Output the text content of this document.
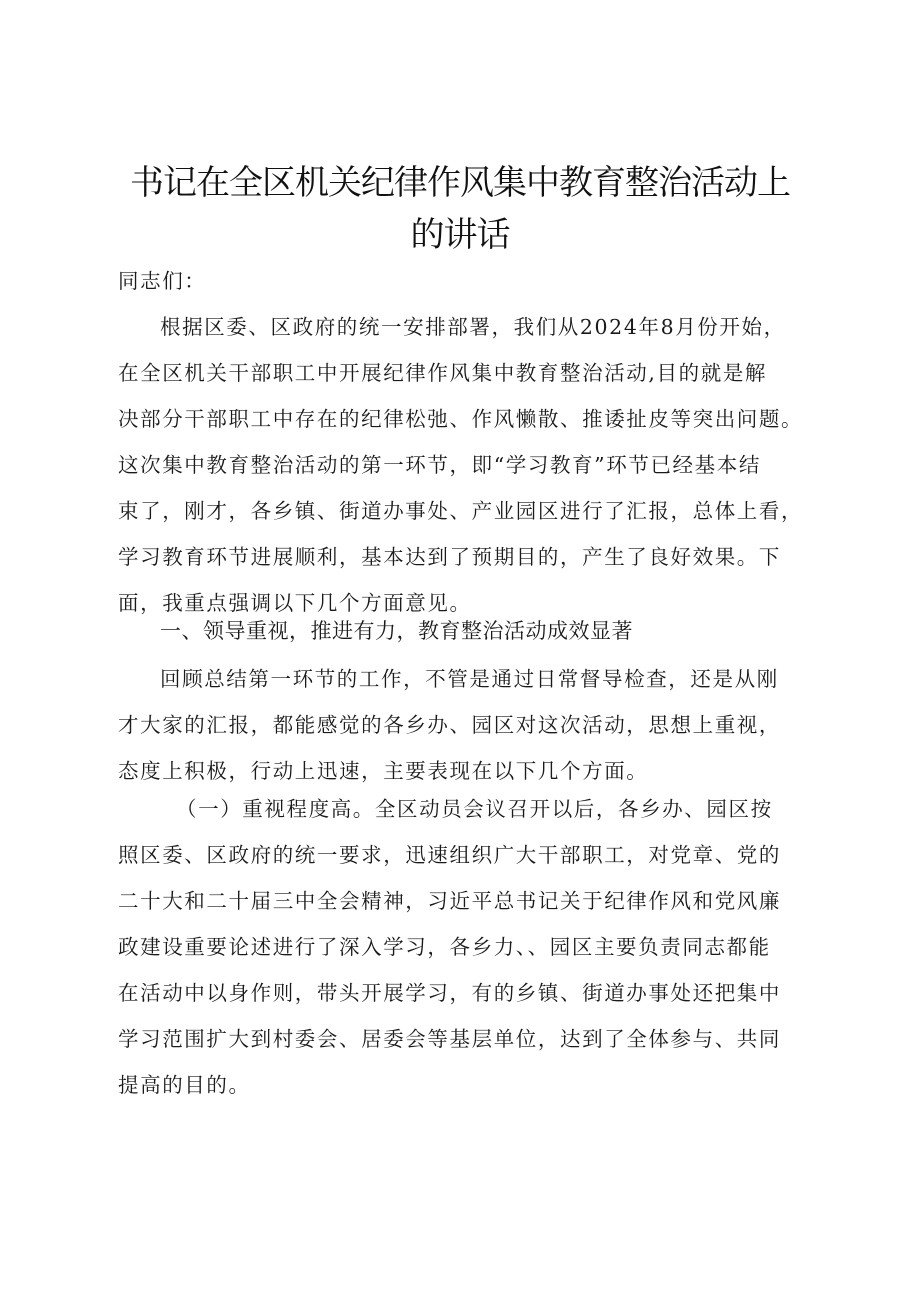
书记在全区机关纪律作风集中教育整治活动上
的讲话
同志们：
根据区委、区政府的统一安排部署，我们从2024年8月份开始，
在全区机关干部职工中开展纪律作风集中教育整治活动,目的就是解
决部分干部职工中存在的纪律松弛、作风懒散、推诿扯皮等突出问题。
这次集中教育整治活动的第一环节，即“学习教育”环节已经基本结
束了，刚才，各乡镇、街道办事处、产业园区进行了汇报，总体上看，
学习教育环节进展顺利，基本达到了预期目的，产生了良好效果。下
面，我重点强调以下几个方面意见。
一、领导重视，推进有力，教育整治活动成效显著
回顾总结第一环节的工作，不管是通过日常督导检查，还是从刚
才大家的汇报，都能感觉的各乡办、园区对这次活动，思想上重视，
态度上积极，行动上迅速，主要表现在以下几个方面。
（一）重视程度高。全区动员会议召开以后，各乡办、园区按
照区委、区政府的统一要求，迅速组织广大干部职工，对党章、党的
二十大和二十届三中全会精神，习近平总书记关于纪律作风和党风廉
政建设重要论述进行了深入学习，各乡力、、园区主要负责同志都能
在活动中以身作则，带头开展学习，有的乡镇、街道办事处还把集中
学习范围扩大到村委会、居委会等基层单位，达到了全体参与、共同
提高的目的。
